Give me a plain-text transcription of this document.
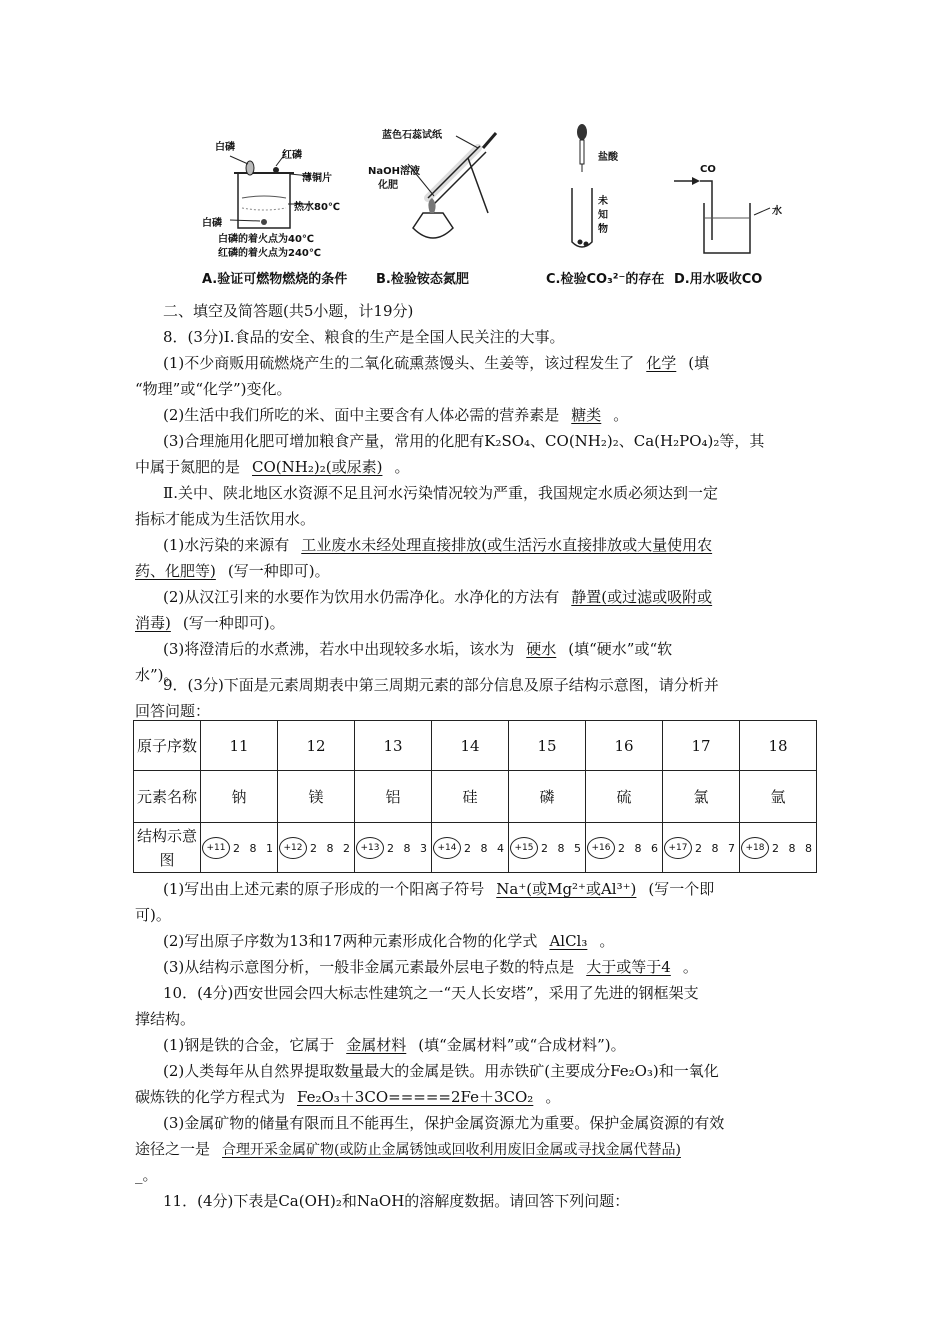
白磷
红磷
薄铜片
热水80℃
白磷
白磷的着火点为40℃
红磷的着火点为240℃
A.验证可燃物燃烧的条件
蓝色石蕊试纸
NaOH溶液
化肥
B.检验铵态氮肥
盐酸
未
知
物
C.检验CO₃²⁻的存在
CO
水
D.用水吸收CO
二、填空及简答题(共5小题，计19分)
8．(3分)Ⅰ.食品的安全、粮食的生产是全国人民关注的大事。
(1)不少商贩用硫燃烧产生的二氧化硫熏蒸馒头、生姜等，该过程发生了 化学 (填
“物理”或“化学”)变化。
(2)生活中我们所吃的米、面中主要含有人体必需的营养素是 糖类 。
(3)合理施用化肥可增加粮食产量，常用的化肥有K₂SO₄、CO(NH₂)₂、Ca(H₂PO₄)₂等，其
中属于氮肥的是 CO(NH₂)₂(或尿素) 。
Ⅱ.关中、陕北地区水资源不足且河水污染情况较为严重，我国规定水质必须达到一定
指标才能成为生活饮用水。
(1)水污染的来源有 工业废水未经处理直接排放(或生活污水直接排放或大量使用农
药、化肥等) (写一种即可)。
(2)从汉江引来的水要作为饮用水仍需净化。水净化的方法有 静置(或过滤或吸附或
消毒) (写一种即可)。
(3)将澄清后的水煮沸，若水中出现较多水垢，该水为 硬水 (填“硬水”或“软
水”)。
9．(3分)下面是元素周期表中第三周期元素的部分信息及原子结构示意图，请分析并
回答问题：
原子序数	11	12	13	14	15	16	17	18
元素名称	钠	镁	铝	硅	磷	硫	氯	氩
结构示意图	+11 2 8 1	+12 2 8 2	+13 2 8 3	+14 2 8 4	+15 2 8 5	+16 2 8 6	+17 2 8 7	+18 2 8 8
(1)写出由上述元素的原子形成的一个阳离子符号 Na⁺(或Mg²⁺或Al³⁺) (写一个即
可)。
(2)写出原子序数为13和17两种元素形成化合物的化学式 AlCl₃ 。
(3)从结构示意图分析，一般非金属元素最外层电子数的特点是 大于或等于4 。
10．(4分)西安世园会四大标志性建筑之一“天人长安塔”，采用了先进的钢框架支
撑结构。
(1)钢是铁的合金，它属于 金属材料 (填“金属材料”或“合成材料”)。
(2)人类每年从自然界提取数量最大的金属是铁。用赤铁矿(主要成分Fe₂O₃)和一氧化
碳炼铁的化学方程式为 Fe₂O₃＋3CO=====2Fe＋3CO₂ 。
(3)金属矿物的储量有限而且不能再生，保护金属资源尤为重要。保护金属资源的有效
途径之一是 合理开采金属矿物(或防止金属锈蚀或回收利用废旧金属或寻找金属代替品)
_。
11．(4分)下表是Ca(OH)₂和NaOH的溶解度数据。请回答下列问题：
